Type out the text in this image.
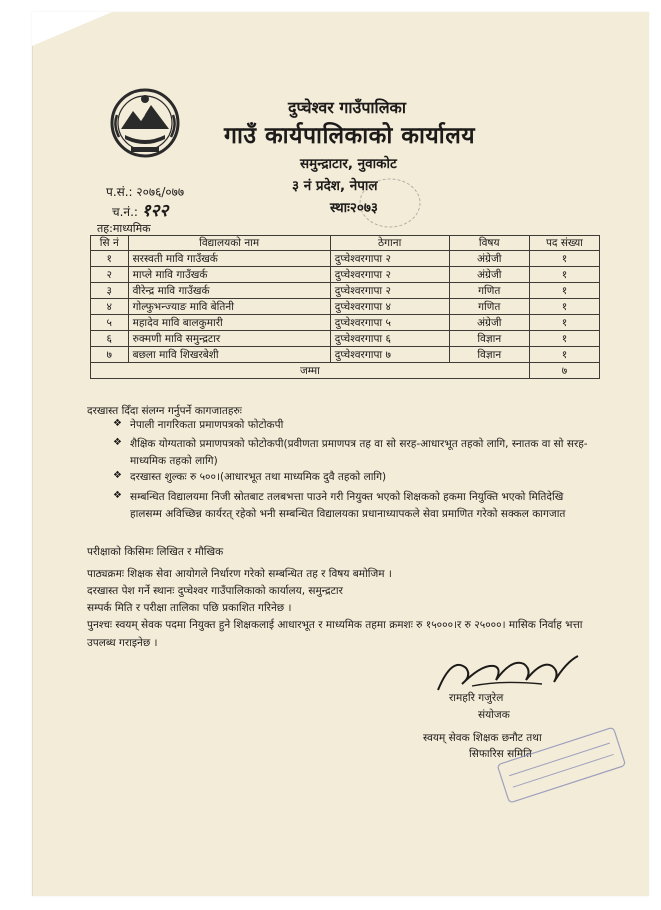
दुप्चेश्वर गाउँपालिका
गाउँ कार्यपालिकाको कार्यालय
समुन्द्राटार, नुवाकोट
३ नं प्रदेश, नेपाल
स्थाः२०७३
प.सं.: २०७६/०७७
च.नं.: १२२
तह:माध्यमिक
सि नं	विद्यालयको नाम	ठेगाना	विषय	पद संख्या
१	सरस्वती मावि गाउँखर्क	दुप्चेश्वरगापा २	अंग्रेजी	१
२	माप्ले मावि गाउँखर्क	दुप्चेश्वरगापा २	अंग्रेजी	१
३	वीरेन्द्र मावि गाउँखर्क	दुप्चेश्वरगापा २	गणित	१
४	गोल्फुभन्ज्याङ मावि बेतिनी	दुप्चेश्वरगापा ४	गणित	१
५	महादेव मावि बालकुमारी	दुप्चेश्वरगापा ५	अंग्रेजी	१
६	रुक्मणी मावि समुन्द्रटार	दुप्चेश्वरगापा ६	विज्ञान	१
७	बछला मावि शिखरबेशी	दुप्चेश्वरगापा ७	विज्ञान	१
जम्मा				७
दरखास्त दिँदा संलग्न गर्नुपर्ने कागजातहरुः
❖ नेपाली नागरिकता प्रमाणपत्रको फोटोकपी
❖ शैक्षिक योग्यताको प्रमाणपत्रको फोटोकपी(प्रवीणता प्रमाणपत्र तह वा सो सरह-आधारभूत तहको लागि, स्नातक वा सो सरह-माध्यमिक तहको लागि)
❖ दरखास्त शुल्कः रु ५००।(आधारभूत तथा माध्यमिक दुवै तहको लागि)
❖ सम्बन्धित विद्यालयमा निजी स्रोतबाट तलबभत्ता पाउने गरी नियुक्त भएको शिक्षकको हकमा नियुक्ति भएको मितिदेखि हालसम्म अविच्छिन्न कार्यरत् रहेको भनी सम्बन्धित विद्यालयका प्रधानाध्यापकले सेवा प्रमाणित गरेको सक्कल कागजात
परीक्षाको किसिमः लिखित र मौखिक
पाठ्यक्रमः शिक्षक सेवा आयोगले निर्धारण गरेको सम्बन्धित तह र विषय बमोजिम ।
दरखास्त पेश गर्ने स्थानः दुप्चेश्वर गाउँपालिकाको कार्यालय, समुन्द्रटार
सम्पर्क मिति र परीक्षा तालिका पछि प्रकाशित गरिनेछ ।
पुनश्चः स्वयम् सेवक पदमा नियुक्त हुने शिक्षकलाई आधारभूत र माध्यमिक तहमा क्रमशः रु १५०००।र रु २५०००। मासिक निर्वाह भत्ता उपलब्ध गराइनेछ ।
रामहरि गजुरेल
संयोजक
स्वयम् सेवक शिक्षक छनौट तथा
सिफारिस समिति
